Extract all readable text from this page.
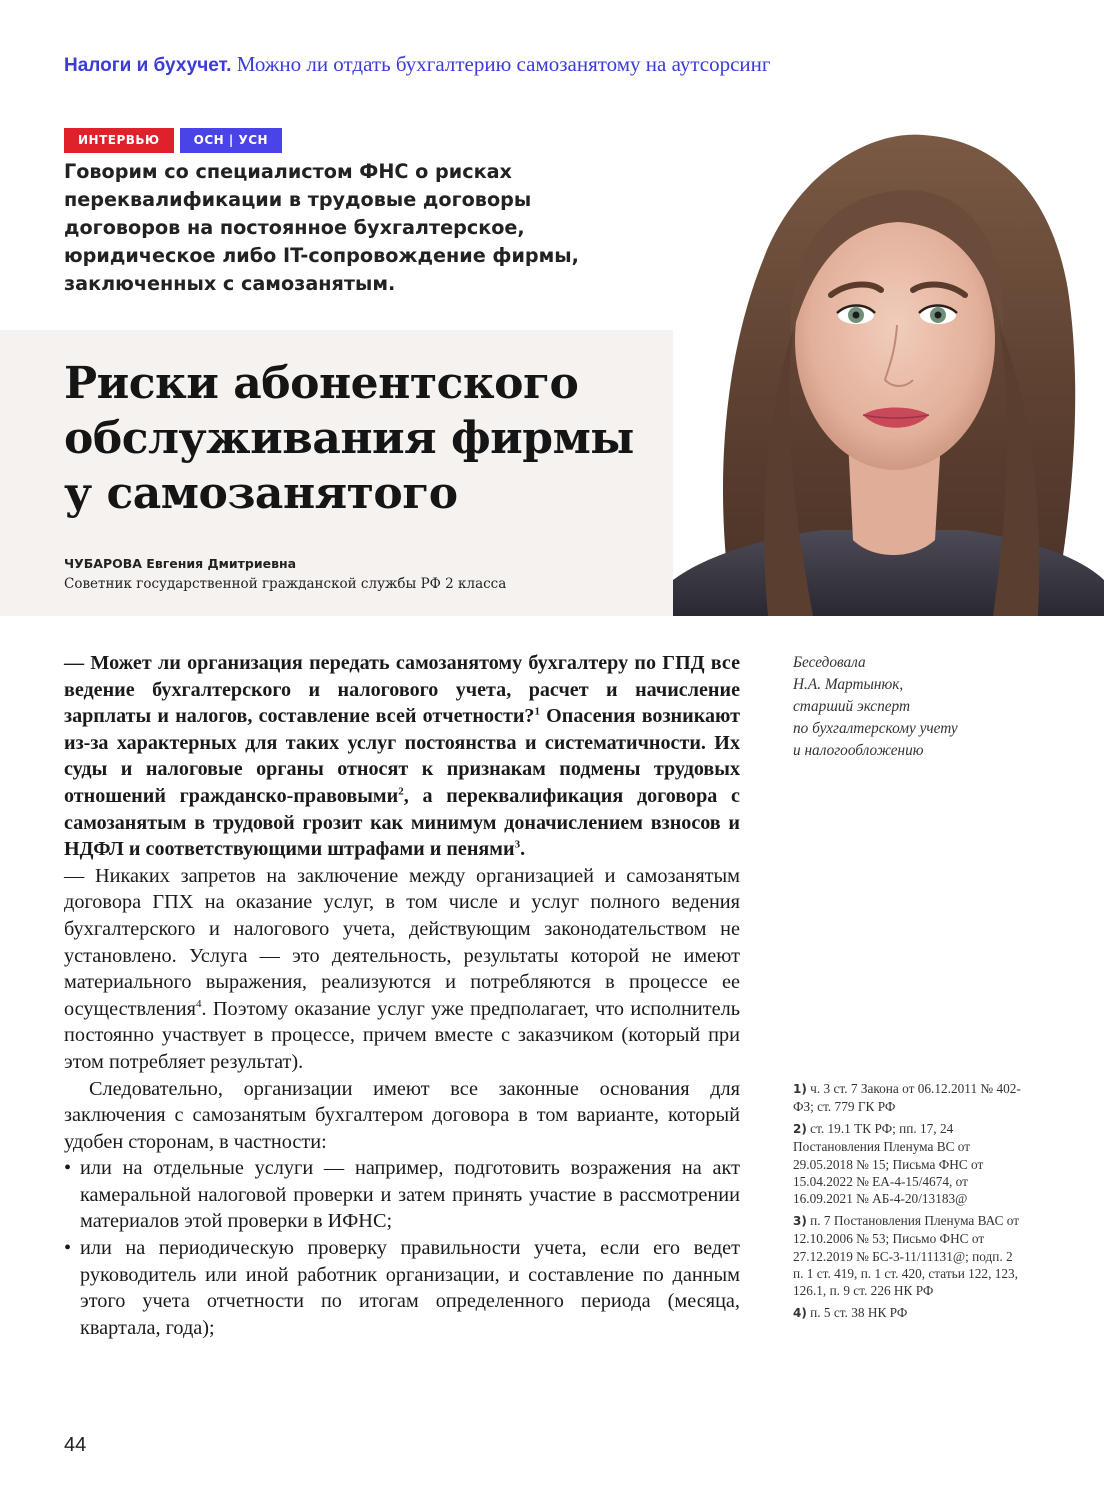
Налоги и бухучет. Можно ли отдать бухгалтерию самозанятому на аутсорсинг
ИНТЕРВЬЮ	ОСН | УСН

Говорим со специалистом ФНС о рисках переквалификации в трудовые договоры договоров на постоянное бухгалтерское, юридическое либо IT-сопровождение фирмы, заключенных с самозанятым.

Риски абонентского
обслуживания фирмы
у самозанятого
ЧУБАРОВА Евгения Дмитриевна
Советник государственной гражданской службы РФ 2 класса

— Может ли организация передать самозанятому бухгалтеру по ГПД все ведение бухгалтерского и налогового учета, расчет и начисление зарплаты и налогов, составление всей отчетности?$^1$ Опасения возникают из-за характерных для таких услуг постоянства и систематичности. Их суды и налоговые органы относят к признакам подмены трудовых отношений гражданско-правовыми$^2$, а переквалификация договора с самозанятым в трудовой грозит как минимум доначислением взносов и НДФЛ и соответствующими штрафами и пенями$^3$.

— Никаких запретов на заключение между организацией и самозанятым договора ГПХ на оказание услуг, в том числе и услуг полного ведения бухгалтерского и налогового учета, действующим законодательством не установлено. Услуга — это деятельность, результаты которой не имеют материального выражения, реализуются и потребляются в процессе ее осуществления$^4$. Поэтому оказание услуг уже предполагает, что исполнитель постоянно участвует в процессе, причем вместе с заказчиком (который при этом потребляет результат).

Следовательно, организации имеют все законные основания для заключения с самозанятым бухгалтером договора в том варианте, который удобен сторонам, в частности:

• или на отдельные услуги — например, подготовить возражения на акт камеральной налоговой проверки и затем принять участие в рассмотрении материалов этой проверки в ИФНС;
• или на периодическую проверку правильности учета, если его ведет руководитель или иной работник организации, и составление по данным этого учета отчетности по итогам определенного периода (месяца, квартала, года);
Беседовала
Н.А. Мартынюк,
старший эксперт
по бухгалтерскому учету
и налогообложению
1) ч. 3 ст. 7 Закона от 06.12.2011 № 402-ФЗ; ст. 779 ГК РФ
2) ст. 19.1 ТК РФ; пп. 17, 24 Постановления Пленума ВС от 29.05.2018 № 15; Письма ФНС от 15.04.2022 № ЕА-4-15/4674, от 16.09.2021 № АБ-4-20/13183@
3) п. 7 Постановления Пленума ВАС от 12.10.2006 № 53; Письмо ФНС от 27.12.2019 № БС-3-11/11131@; подп. 2 п. 1 ст. 419, п. 1 ст. 420, статьи 122, 123, 126.1, п. 9 ст. 226 НК РФ
4) п. 5 ст. 38 НК РФ
44
